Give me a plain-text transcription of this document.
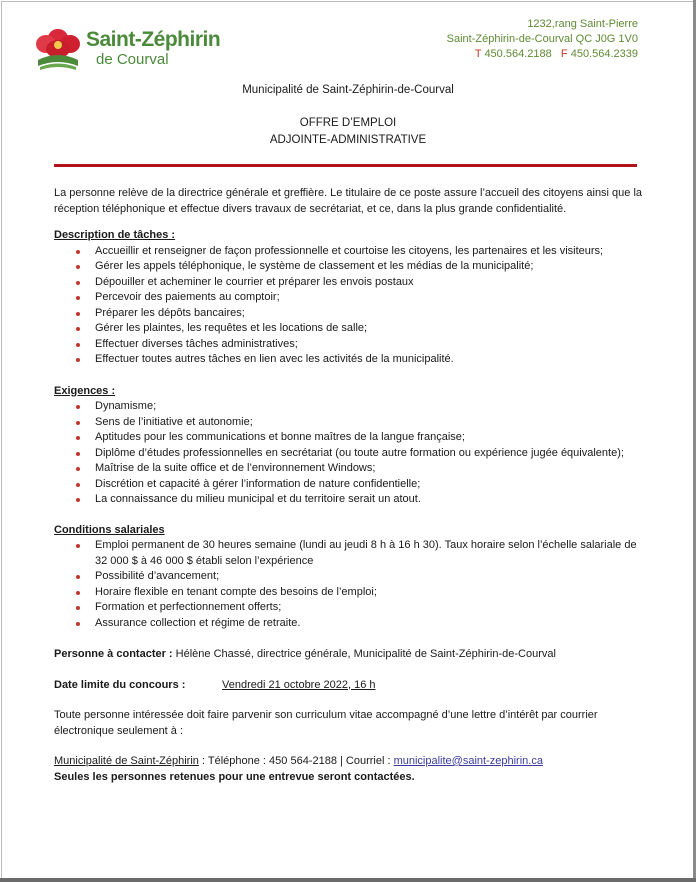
Saint-Zéphirin
de Courval
1232,rang Saint-Pierre
Saint-Zéphirin-de-Courval QC J0G 1V0
T 450.564.2188 F 450.564.2339
Municipalité de Saint-Zéphirin-de-Courval
OFFRE D’EMPLOI
ADJOINTE-ADMINISTRATIVE

La personne relève de la directrice générale et greffière. Le titulaire de ce poste assure l’accueil des citoyens ainsi que la réception téléphonique et effectue divers travaux de secrétariat, et ce, dans la plus grande confidentialité.

Description de tâches :
Accueillir et renseigner de façon professionnelle et courtoise les citoyens, les partenaires et les visiteurs;
Gérer les appels téléphonique, le système de classement et les médias de la municipalité;
Dépouiller et acheminer le courrier et préparer les envois postaux
Percevoir des paiements au comptoir;
Préparer les dépôts bancaires;
Gérer les plaintes, les requêtes et les locations de salle;
Effectuer diverses tâches administratives;
Effectuer toutes autres tâches en lien avec les activités de la municipalité.
Exigences :
Dynamisme;
Sens de l’initiative et autonomie;
Aptitudes pour les communications et bonne maîtres de la langue française;
Diplôme d’études professionnelles en secrétariat (ou toute autre formation ou expérience jugée équivalente);
Maîtrise de la suite office et de l’environnement Windows;
Discrétion et capacité à gérer l’information de nature confidentielle;
La connaissance du milieu municipal et du territoire serait un atout.
Conditions salariales
Emploi permanent de 30 heures semaine (lundi au jeudi 8 h à 16 h 30). Taux horaire selon l’échelle salariale de 32 000 $ à 46 000 $ établi selon l’expérience
Possibilité d’avancement;
Horaire flexible en tenant compte des besoins de l’emploi;
Formation et perfectionnement offerts;
Assurance collection et régime de retraite.
Personne à contacter : Hélène Chassé, directrice générale, Municipalité de Saint-Zéphirin-de-Courval
Date limite du concours :	Vendredi 21 octobre 2022, 16 h

Toute personne intéressée doit faire parvenir son curriculum vitae accompagné d’une lettre d’intérêt par courrier électronique seulement à :

Municipalité de Saint-Zéphirin : Téléphone : 450 564-2188 | Courriel : municipalite@saint-zephirin.ca
Seules les personnes retenues pour une entrevue seront contactées.
